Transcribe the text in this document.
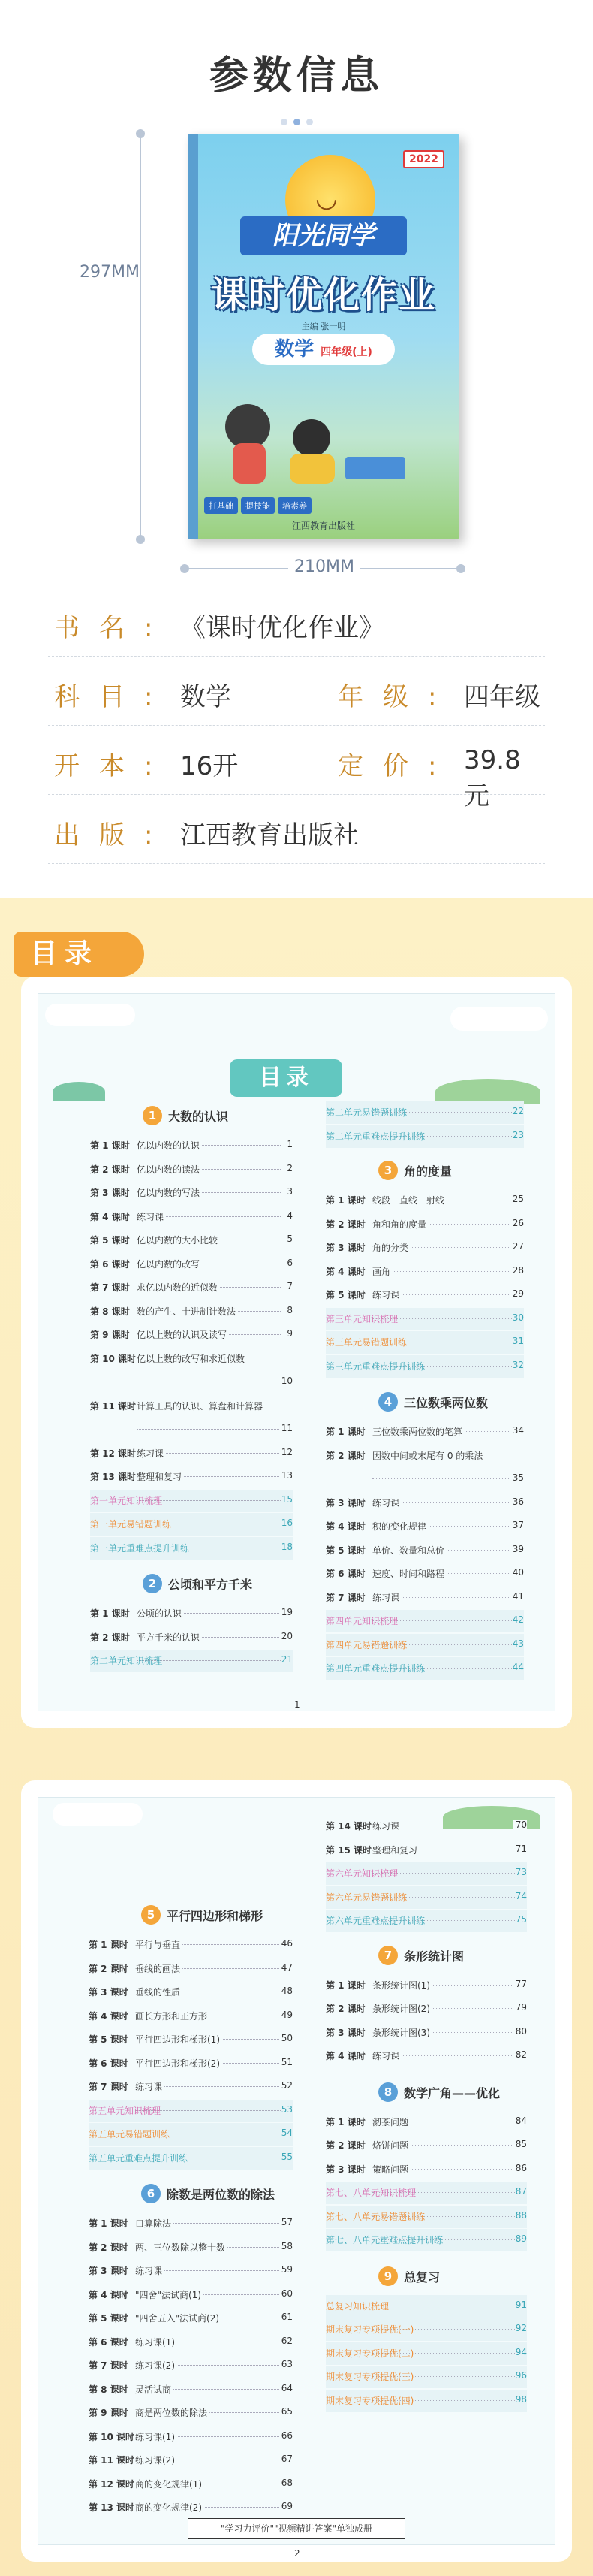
参数信息
297MM
◡
2022
阳光同学
课时优化作业
主编 张一明
数学 四年级(上)
打基础 提技能 培素养
江西教育出版社
210MM
书名: 《课时优化作业》
科目: 数学	年级: 四年级
开本: 16开	定价: 39.8元
出版: 江西教育出版社
目录
目录
1
2
"学习力评价""视频精讲答案"单独成册
1 大数的认识
第 1 课时 亿以内数的认识	1
第 2 课时 亿以内数的读法	2
第 3 课时 亿以内数的写法	3
第 4 课时 练习课	4
第 5 课时 亿以内数的大小比较	5
第 6 课时 亿以内数的改写	6
第 7 课时 求亿以内数的近似数	7
第 8 课时 数的产生、十进制计数法	8
第 9 课时 亿以上数的认识及读写	9
第 10 课时 亿以上数的改写和求近似数
10
第 11 课时 计算工具的认识、算盘和计算器
11
第 12 课时 练习课	12
第 13 课时 整理和复习	13
第一单元知识梳理	15
第一单元易错题训练	16
第一单元重难点提升训练	18
2 公顷和平方千米
第 1 课时 公顷的认识	19
第 2 课时 平方千米的认识	20
第二单元知识梳理	21
第二单元易错题训练	22
第二单元重难点提升训练	23
3 角的度量
第 1 课时 线段　直线　射线	25
第 2 课时 角和角的度量	26
第 3 课时 角的分类	27
第 4 课时 画角	28
第 5 课时 练习课	29
第三单元知识梳理	30
第三单元易错题训练	31
第三单元重难点提升训练	32
4 三位数乘两位数
第 1 课时 三位数乘两位数的笔算	34
第 2 课时 因数中间或末尾有 0 的乘法
35
第 3 课时 练习课	36
第 4 课时 积的变化规律	37
第 5 课时 单价、数量和总价	39
第 6 课时 速度、时间和路程	40
第 7 课时 练习课	41
第四单元知识梳理	42
第四单元易错题训练	43
第四单元重难点提升训练	44
5 平行四边形和梯形
第 1 课时 平行与垂直	46
第 2 课时 垂线的画法	47
第 3 课时 垂线的性质	48
第 4 课时 画长方形和正方形	49
第 5 课时 平行四边形和梯形(1)	50
第 6 课时 平行四边形和梯形(2)	51
第 7 课时 练习课	52
第五单元知识梳理	53
第五单元易错题训练	54
第五单元重难点提升训练	55
6 除数是两位数的除法
第 1 课时 口算除法	57
第 2 课时 两、三位数除以整十数	58
第 3 课时 练习课	59
第 4 课时 "四舍"法试商(1)	60
第 5 课时 "四舍五入"法试商(2)	61
第 6 课时 练习课(1)	62
第 7 课时 练习课(2)	63
第 8 课时 灵活试商	64
第 9 课时 商是两位数的除法	65
第 10 课时 练习课(1)	66
第 11 课时 练习课(2)	67
第 12 课时 商的变化规律(1)	68
第 13 课时 商的变化规律(2)	69
第 14 课时 练习课	70
第 15 课时 整理和复习	71
第六单元知识梳理	73
第六单元易错题训练	74
第六单元重难点提升训练	75
7 条形统计图
第 1 课时 条形统计图(1)	77
第 2 课时 条形统计图(2)	79
第 3 课时 条形统计图(3)	80
第 4 课时 练习课	82
8 数学广角——优化
第 1 课时 沏茶问题	84
第 2 课时 烙饼问题	85
第 3 课时 策略问题	86
第七、八单元知识梳理	87
第七、八单元易错题训练	88
第七、八单元重难点提升训练	89
9 总复习
总复习知识梳理	91
期末复习专项提优(一)	92
期末复习专项提优(二)	94
期末复习专项提优(三)	96
期末复习专项提优(四)	98
